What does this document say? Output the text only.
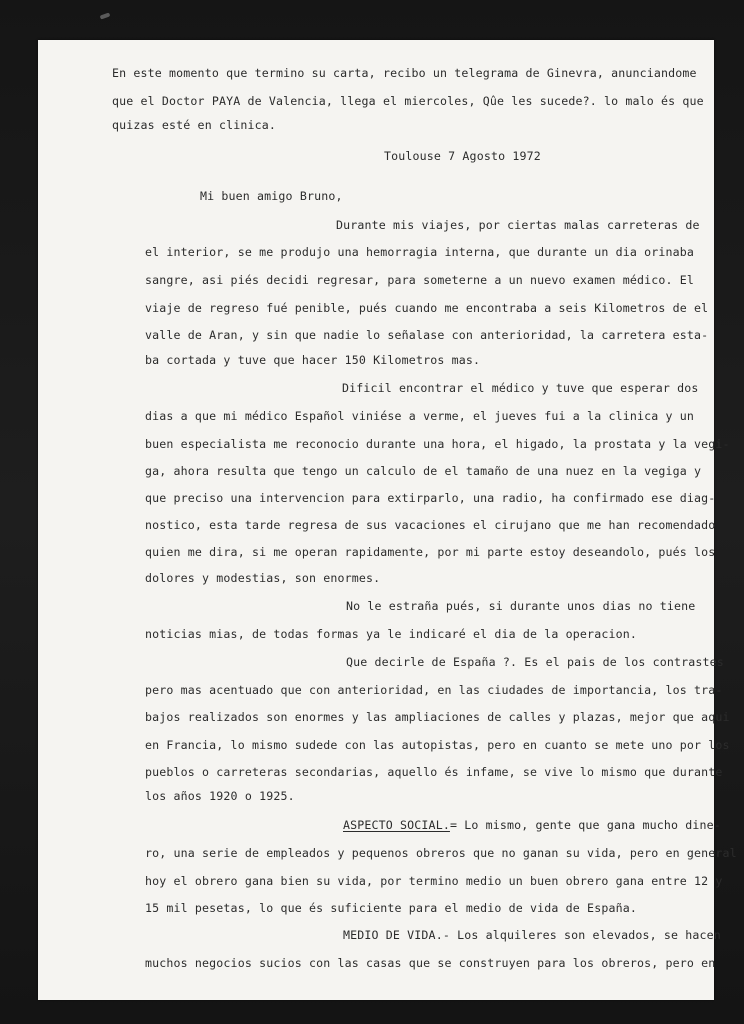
En este momento que termino su carta, recibo un telegrama de Ginevra, anunciandome
que el Doctor PAYA de Valencia, llega el miercoles, Qûe les sucede?. lo malo és que
quizas esté en clinica.
Toulouse 7 Agosto 1972
Mi buen amigo Bruno,
Durante mis viajes, por ciertas malas carreteras de
el interior, se me produjo una hemorragia interna, que durante un dia orinaba
sangre, asi piés decidi regresar, para someterne a un nuevo examen médico. El
viaje de regreso fué penible, pués cuando me encontraba a seis Kilometros de el
valle de Aran, y sin que nadie lo señalase con anterioridad, la carretera esta-
ba cortada y tuve que hacer 150 Kilometros mas.
Dificil encontrar el médico y tuve que esperar dos
dias a que mi médico Español viniése a verme, el jueves fui a la clinica y un
buen especialista me reconocio durante una hora, el higado, la prostata y la vegi-
ga, ahora resulta que tengo un calculo de el tamaño de una nuez en la vegiga y
que preciso una intervencion para extirparlo, una radio, ha confirmado ese diag-
nostico, esta tarde regresa de sus vacaciones el cirujano que me han recomendado
quien me dira, si me operan rapidamente, por mi parte estoy deseandolo, pués los
dolores y modestias, son enormes.
No le estraña pués, si durante unos dias no tiene
noticias mias, de todas formas ya le indicaré el dia de la operacion.
Que decirle de España ?. Es el pais de los contrastes
pero mas acentuado que con anterioridad, en las ciudades de importancia, los tra-
bajos realizados son enormes y las ampliaciones de calles y plazas, mejor que aqui
en Francia, lo mismo sudede con las autopistas, pero en cuanto se mete uno por los
pueblos o carreteras secondarias, aquello és infame, se vive lo mismo que durante
los años 1920 o 1925.
ASPECTO SOCIAL.= Lo mismo, gente que gana mucho dine-
ro, una serie de empleados y pequenos obreros que no ganan su vida, pero en general
hoy el obrero gana bien su vida, por termino medio un buen obrero gana entre 12 y
15 mil pesetas, lo que és suficiente para el medio de vida de España.
MEDIO DE VIDA.- Los alquileres son elevados, se hacen
muchos negocios sucios con las casas que se construyen para los obreros, pero en
